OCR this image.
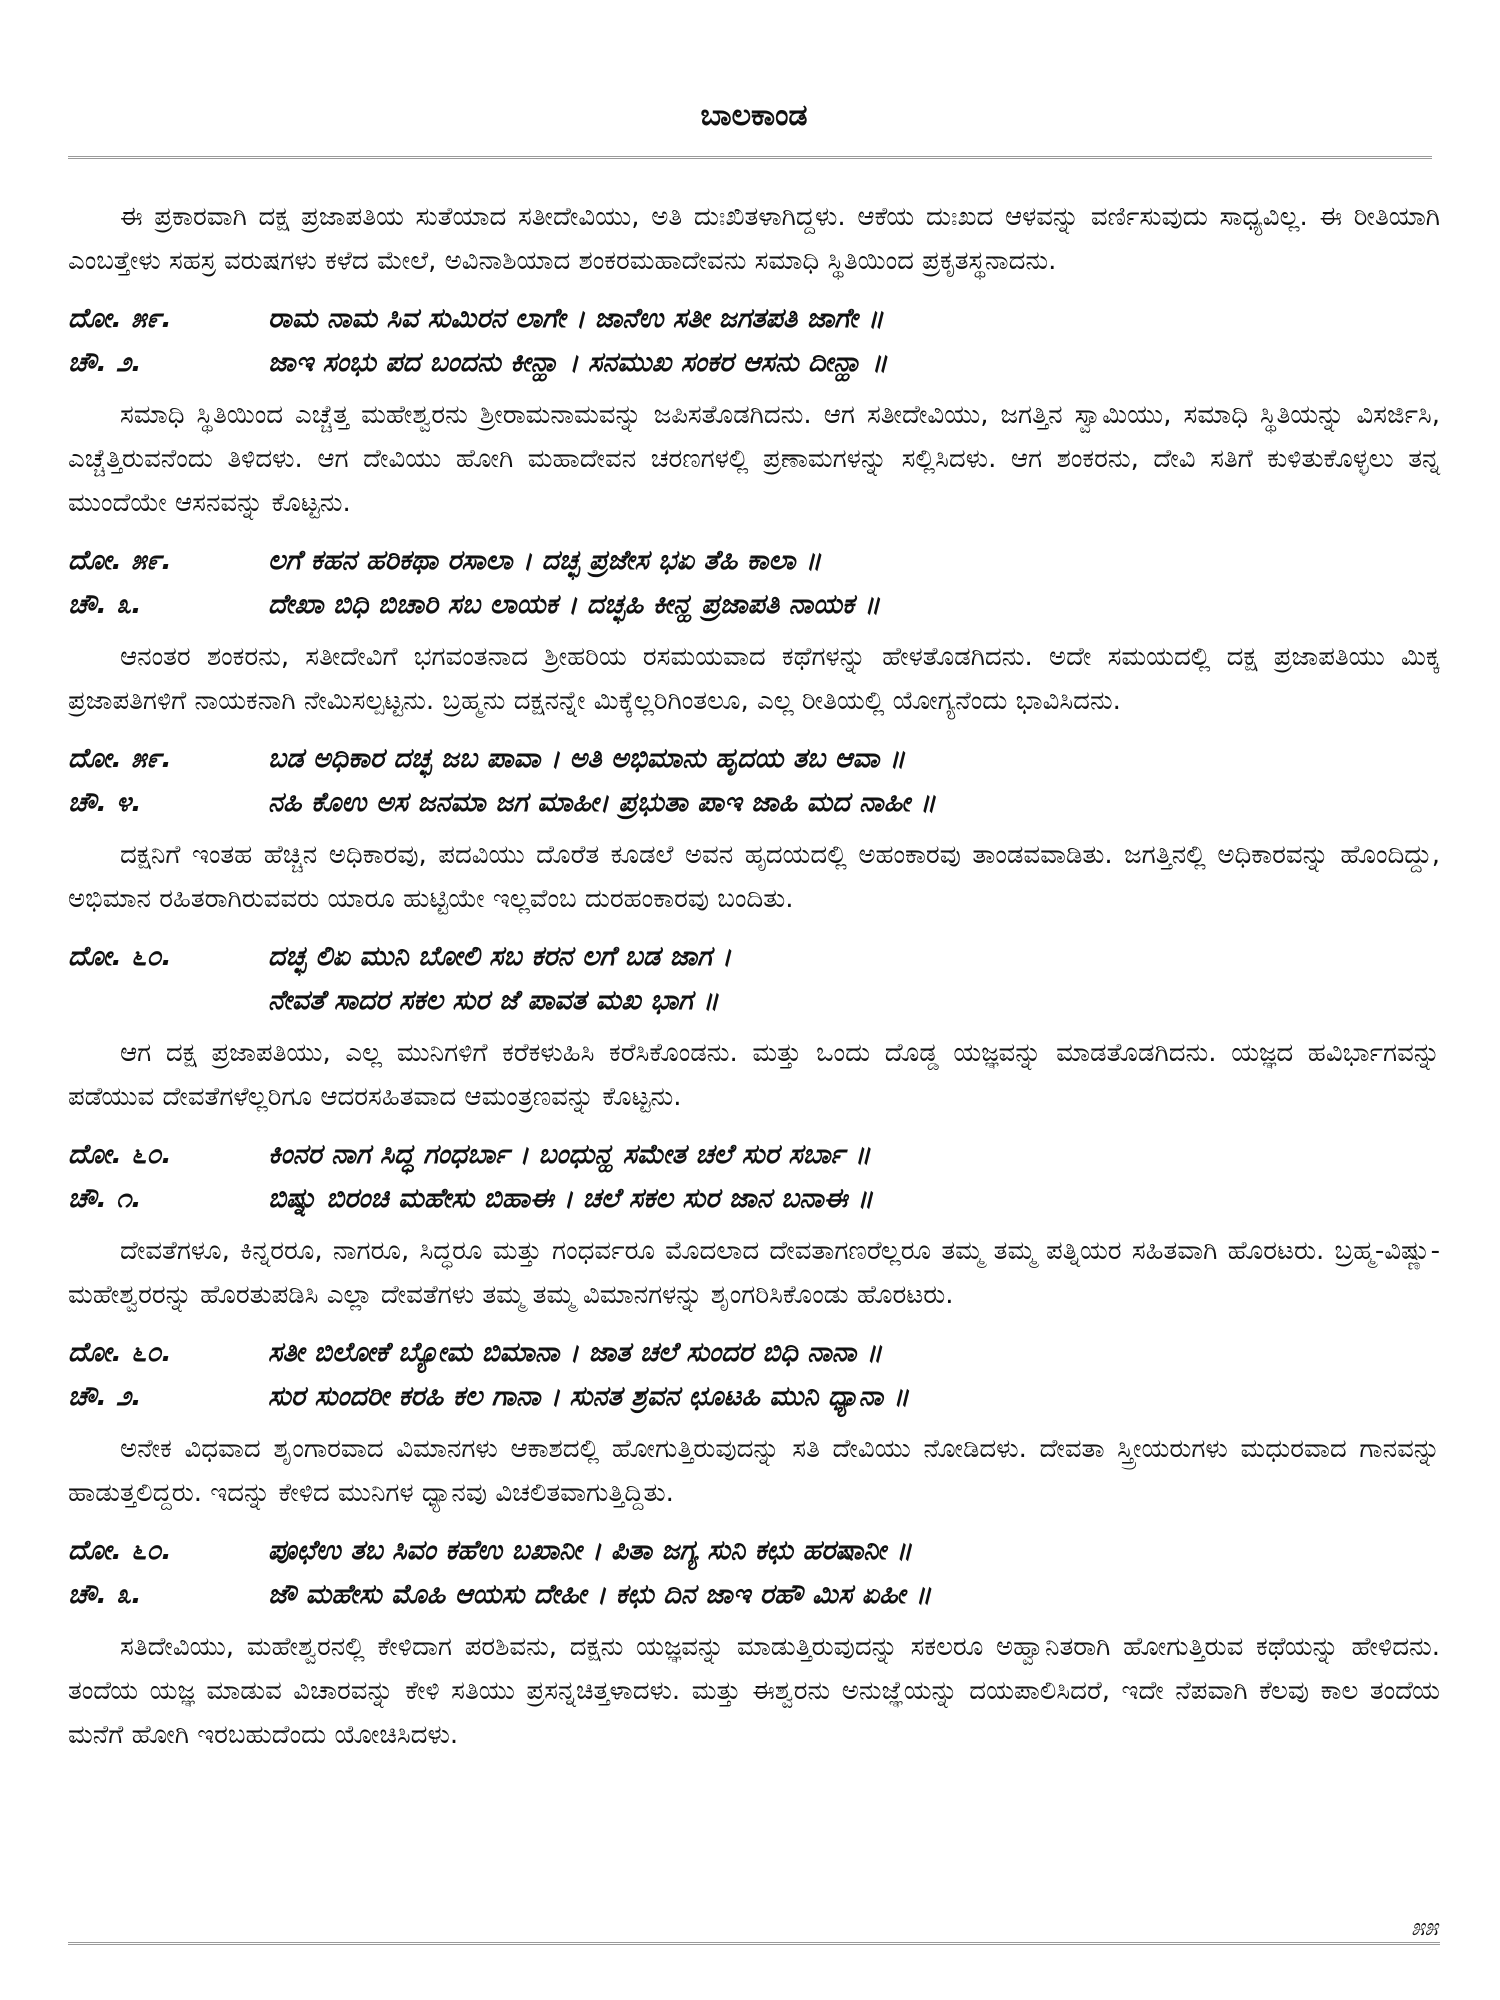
ಬಾಲಕಾಂಡ

ಈ ಪ್ರಕಾರವಾಗಿ ದಕ್ಷ ಪ್ರಜಾಪತಿಯ ಸುತೆಯಾದ ಸತೀದೇವಿಯು, ಅತಿ ದುಃಖಿತಳಾಗಿದ್ದಳು. ಆಕೆಯ ದುಃಖದ ಆಳವನ್ನು ವರ್ಣಿಸುವುದು ಸಾಧ್ಯವಿಲ್ಲ. ಈ ರೀತಿಯಾಗಿ ಎಂಬತ್ತೇಳು ಸಹಸ್ರ ವರುಷಗಳು ಕಳೆದ ಮೇಲೆ, ಅವಿನಾಶಿಯಾದ ಶಂಕರಮಹಾದೇವನು ಸಮಾಧಿ ಸ್ಥಿತಿಯಿಂದ ಪ್ರಕೃತಸ್ಥನಾದನು.

ದೋ. ೫೯.	ರಾಮ ನಾಮ ಸಿವ ಸುಮಿರನ ಲಾಗೇ । ಜಾನೆಉ ಸತೀ ಜಗತಪತಿ ಜಾಗೇ ॥
ಚೌ. ೨.	ಜಾಇ ಸಂಭು ಪದ ಬಂದನು ಕೀನ್ಹಾ । ಸನಮುಖ ಸಂಕರ ಆಸನು ದೀನ್ಹಾ ॥

ಸಮಾಧಿ ಸ್ಥಿತಿಯಿಂದ ಎಚ್ಚೆತ್ತ ಮಹೇಶ್ವರನು ಶ್ರೀರಾಮನಾಮವನ್ನು ಜಪಿಸತೊಡಗಿದನು. ಆಗ ಸತೀದೇವಿಯು, ಜಗತ್ತಿನ ಸ್ವಾಮಿಯು, ಸಮಾಧಿ ಸ್ಥಿತಿಯನ್ನು ವಿಸರ್ಜಿಸಿ, ಎಚ್ಚೆತ್ತಿರುವನೆಂದು ತಿಳಿದಳು. ಆಗ ದೇವಿಯು ಹೋಗಿ ಮಹಾದೇವನ ಚರಣಗಳಲ್ಲಿ ಪ್ರಣಾಮಗಳನ್ನು ಸಲ್ಲಿಸಿದಳು. ಆಗ ಶಂಕರನು, ದೇವಿ ಸತಿಗೆ ಕುಳಿತುಕೊಳ್ಳಲು ತನ್ನ ಮುಂದೆಯೇ ಆಸನವನ್ನು ಕೊಟ್ಟನು.

ದೋ. ೫೯.	ಲಗೆ ಕಹನ ಹರಿಕಥಾ ರಸಾಲಾ । ದಚ್ಛ ಪ್ರಜೇಸ ಭಏ ತೆಹಿ ಕಾಲಾ ॥
ಚೌ. ೩.	ದೇಖಾ ಬಿಧಿ ಬಿಚಾರಿ ಸಬ ಲಾಯಕ । ದಚ್ಛಹಿ ಕೀನ್ಹ ಪ್ರಜಾಪತಿ ನಾಯಕ ॥

ಆನಂತರ ಶಂಕರನು, ಸತೀದೇವಿಗೆ ಭಗವಂತನಾದ ಶ್ರೀಹರಿಯ ರಸಮಯವಾದ ಕಥೆಗಳನ್ನು ಹೇಳತೊಡಗಿದನು. ಅದೇ ಸಮಯದಲ್ಲಿ ದಕ್ಷ ಪ್ರಜಾಪತಿಯು ಮಿಕ್ಕ ಪ್ರಜಾಪತಿಗಳಿಗೆ ನಾಯಕನಾಗಿ ನೇಮಿಸಲ್ಪಟ್ಟನು. ಬ್ರಹ್ಮನು ದಕ್ಷನನ್ನೇ ಮಿಕ್ಕೆಲ್ಲರಿಗಿಂತಲೂ, ಎಲ್ಲ ರೀತಿಯಲ್ಲಿ ಯೋಗ್ಯನೆಂದು ಭಾವಿಸಿದನು.

ದೋ. ೫೯.	ಬಡ ಅಧಿಕಾರ ದಚ್ಛ ಜಬ ಪಾವಾ । ಅತಿ ಅಭಿಮಾನು ಹೃದಯ ತಬ ಆವಾ ॥
ಚೌ. ೪.	ನಹಿ ಕೊಉ ಅಸ ಜನಮಾ ಜಗ ಮಾಹೀ। ಪ್ರಭುತಾ ಪಾಇ ಜಾಹಿ ಮದ ನಾಹೀ ॥

ದಕ್ಷನಿಗೆ ಇಂತಹ ಹೆಚ್ಚಿನ ಅಧಿಕಾರವು, ಪದವಿಯು ದೊರೆತ ಕೂಡಲೆ ಅವನ ಹೃದಯದಲ್ಲಿ ಅಹಂಕಾರವು ತಾಂಡವವಾಡಿತು. ಜಗತ್ತಿನಲ್ಲಿ ಅಧಿಕಾರವನ್ನು ಹೊಂದಿದ್ದು, ಅಭಿಮಾನ ರಹಿತರಾಗಿರುವವರು ಯಾರೂ ಹುಟ್ಟಿಯೇ ಇಲ್ಲವೆಂಬ ದುರಹಂಕಾರವು ಬಂದಿತು.

ದೋ. ೬೦.	ದಚ್ಛ ಲಿಏ ಮುನಿ ಬೋಲಿ ಸಬ ಕರನ ಲಗೆ ಬಡ ಜಾಗ ।
ನೇವತೆ ಸಾದರ ಸಕಲ ಸುರ ಜೆ ಪಾವತ ಮಖ ಭಾಗ ॥

ಆಗ ದಕ್ಷ ಪ್ರಜಾಪತಿಯು, ಎಲ್ಲ ಮುನಿಗಳಿಗೆ ಕರೆಕಳುಹಿಸಿ ಕರೆಸಿಕೊಂಡನು. ಮತ್ತು ಒಂದು ದೊಡ್ಡ ಯಜ್ಞವನ್ನು ಮಾಡತೊಡಗಿದನು. ಯಜ್ಞದ ಹವಿರ್ಭಾಗವನ್ನು ಪಡೆಯುವ ದೇವತೆಗಳೆಲ್ಲರಿಗೂ ಆದರಸಹಿತವಾದ ಆಮಂತ್ರಣವನ್ನು ಕೊಟ್ಟನು.

ದೋ. ೬೦.	ಕಿಂನರ ನಾಗ ಸಿದ್ಧ ಗಂಧರ್ಬಾ । ಬಂಧುನ್ಹ ಸಮೇತ ಚಲೆ ಸುರ ಸರ್ಬಾ ॥
ಚೌ. ೧.	ಬಿಷ್ನು ಬಿರಂಚಿ ಮಹೇಸು ಬಿಹಾಈ । ಚಲೆ ಸಕಲ ಸುರ ಜಾನ ಬನಾಈ ॥

ದೇವತೆಗಳೂ, ಕಿನ್ನರರೂ, ನಾಗರೂ, ಸಿದ್ಧರೂ ಮತ್ತು ಗಂಧರ್ವರೂ ಮೊದಲಾದ ದೇವತಾಗಣರೆಲ್ಲರೂ ತಮ್ಮ ತಮ್ಮ ಪತ್ನಿಯರ ಸಹಿತವಾಗಿ ಹೊರಟರು. ಬ್ರಹ್ಮ-ವಿಷ್ಣು-ಮಹೇಶ್ವರರನ್ನು ಹೊರತುಪಡಿಸಿ ಎಲ್ಲಾ ದೇವತೆಗಳು ತಮ್ಮ ತಮ್ಮ ವಿಮಾನಗಳನ್ನು ಶೃಂಗರಿಸಿಕೊಂಡು ಹೊರಟರು.

ದೋ. ೬೦.	ಸತೀ ಬಿಲೋಕೆ ಬ್ಯೋಮ ಬಿಮಾನಾ । ಜಾತ ಚಲೆ ಸುಂದರ ಬಿಧಿ ನಾನಾ ॥
ಚೌ. ೨.	ಸುರ ಸುಂದರೀ ಕರಹಿ ಕಲ ಗಾನಾ । ಸುನತ ಶ್ರವನ ಛೂಟಹಿ ಮುನಿ ಧ್ಯಾನಾ ॥

ಅನೇಕ ವಿಧವಾದ ಶೃಂಗಾರವಾದ ವಿಮಾನಗಳು ಆಕಾಶದಲ್ಲಿ ಹೋಗುತ್ತಿರುವುದನ್ನು ಸತಿ ದೇವಿಯು ನೋಡಿದಳು. ದೇವತಾ ಸ್ತ್ರೀಯರುಗಳು ಮಧುರವಾದ ಗಾನವನ್ನು ಹಾಡುತ್ತಲಿದ್ದರು. ಇದನ್ನು ಕೇಳಿದ ಮುನಿಗಳ ಧ್ಯಾನವು ವಿಚಲಿತವಾಗುತ್ತಿದ್ದಿತು.

ದೋ. ೬೦.	ಪೂಛೆಉ ತಬ ಸಿವಂ ಕಹೆಉ ಬಖಾನೀ । ಪಿತಾ ಜಗ್ಯ ಸುನಿ ಕಛು ಹರಷಾನೀ ॥
ಚೌ. ೩.	ಜೌ ಮಹೇಸು ಮೊಹಿ ಆಯಸು ದೇಹೀ । ಕಛು ದಿನ ಜಾಇ ರಹೌ ಮಿಸ ಏಹೀ ॥

ಸತಿದೇವಿಯು, ಮಹೇಶ್ವರನಲ್ಲಿ ಕೇಳಿದಾಗ ಪರಶಿವನು, ದಕ್ಷನು ಯಜ್ಞವನ್ನು ಮಾಡುತ್ತಿರುವುದನ್ನು ಸಕಲರೂ ಅಹ್ವಾನಿತರಾಗಿ ಹೋಗುತ್ತಿರುವ ಕಥೆಯನ್ನು ಹೇಳಿದನು. ತಂದೆಯ ಯಜ್ಞ ಮಾಡುವ ವಿಚಾರವನ್ನು ಕೇಳಿ ಸತಿಯು ಪ್ರಸನ್ನಚಿತ್ತಳಾದಳು. ಮತ್ತು ಈಶ್ವರನು ಅನುಜ್ಞೆಯನ್ನು ದಯಪಾಲಿಸಿದರೆ, ಇದೇ ನೆಪವಾಗಿ ಕೆಲವು ಕಾಲ ತಂದೆಯ ಮನೆಗೆ ಹೋಗಿ ಇರಬಹುದೆಂದು ಯೋಚಿಸಿದಳು.

೫೫
